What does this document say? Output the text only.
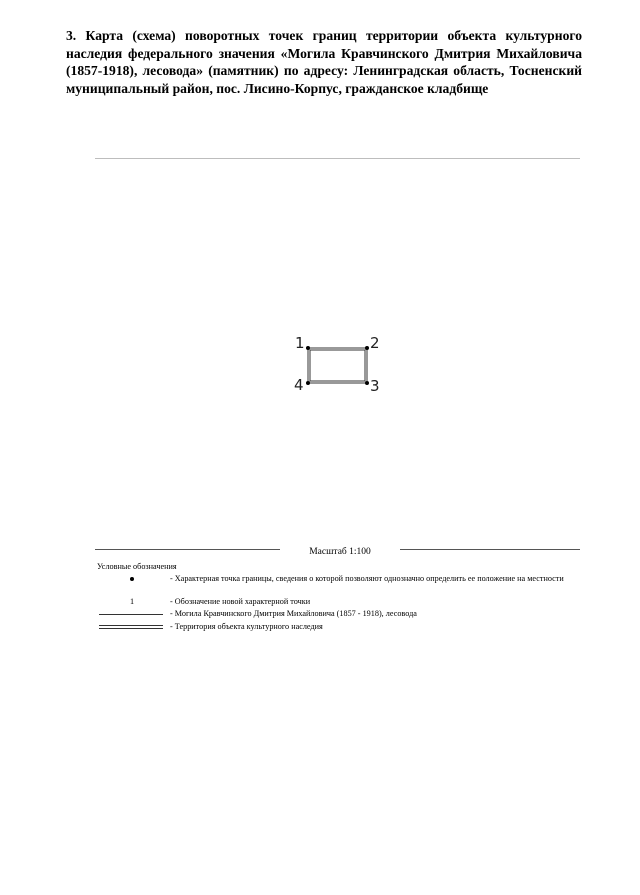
3. Карта (схема) поворотных точек границ территории объекта культурного наследия федерального значения «Могила Кравчинского Дмитрия Михайловича (1857-1918), лесовода» (памятник) по адресу: Ленинградская область, Тосненский муниципальный район, пос. Лисино-Корпус, гражданское кладбище

1	2
3
4
Масштаб 1:100
Условные обозначения
- Характерная точка границы, сведения о которой позволяют однозначно определить ее положение на местности
1	- Обозначение новой характерной точки
- Могила Кравчинского Дмитрия Михайловича (1857 - 1918), лесовода
- Территория объекта культурного наследия
